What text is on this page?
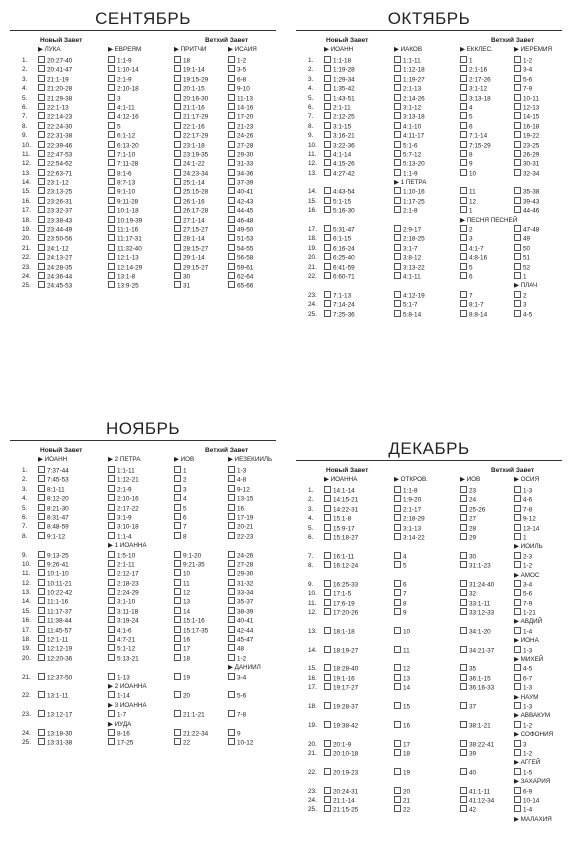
СЕНТЯБРЬ
Новый Завет	Ветхий Завет
▶ ЛУКА	▶ ЕВРЕЯМ	▶ ПРИТЧИ	▶ ИСАИЯ
1.	20:27-40	1:1-9	18	1-2
2.	20:41-47	1:10-14	19:1-14	3-5
3.	21:1-19	2:1-9	19:15-29	6-8
4.	21:20-28	2:10-18	20:1-15	9-10
5.	21:29-38	3	20:16-30	11-13
6.	22:1-13	4:1-11	21:1-16	14-16
7.	22:14-23	4:12-16	21:17-29	17-20
8.	22:24-30	5	22:1-16	21-23
9.	22:31-38	6:1-12	22:17-29	24-26
10.	22:39-46	6:13-20	23:1-18	27-28
11.	22:47-53	7:1-10	23:19-35	29-30
12.	22:54-62	7:11-28	24:1-22	31-33
13.	22:63-71	8:1-6	24:23-34	34-36
14.	23:1-12	8:7-13	25:1-14	37-39
15.	23:13-25	9:1-10	25:15-28	40-41
16.	23:26-31	9:11-28	26:1-16	42-43
17.	23:32-37	10:1-18	26:17-28	44-45
18.	23:38-43	10:19-39	27:1-14	46-48
19.	23:44-49	11:1-16	27:15-27	49-50
20.	23:50-56	11:17-31	28:1-14	51-53
21.	24:1-12	11:32-40	28:15-27	54-55
22.	24:13-27	12:1-13	29:1-14	56-58
23.	24:28-35	12:14-29	29:15-27	59-61
24.	24:36-44	13:1-8	30	62-64
25.	24:45-53	13:9-25	31	65-66
ОКТЯБРЬ
Новый Завет	Ветхий Завет
▶ ИОАНН	▶ ИАКОВ	▶ ЕККЛЕС.	▶ ИЕРЕМИЯ
1.	1:1-18	1:1-11	1	1-2
2.	1:19-28	1:12-18	2:1-16	3-4
3.	1:29-34	1:19-27	2:17-26	5-6
4.	1:35-42	2:1-13	3:1-12	7-9
5.	1:43-51	2:14-26	3:13-18	10-11
6.	2:1-11	3:1-12	4	12-13
7.	2:12-25	3:13-18	5	14-15
8.	3:1-15	4:1-10	6	16-18
9.	3:16-21	4:11-17	7:1-14	19-22
10.	3:22-36	5:1-6	7:15-29	23-25
11.	4:1-14	5:7-12	8	26-29
12.	4:15-26	5:13-20	9	30-31
13.	4:27-42	1:1-9	10	32-34
▶ 1 ПЕТРА
14.	4:43-54	1:10-16	11	35-38
15.	5:1-15	1:17-25	12	39-43
16.	5:16-30	2:1-8	1	44-46
▶ ПЕСНЯ ПЕСНЕЙ
17.	5:31-47	2:9-17	2	47-48
18.	6:1-15	2:18-25	3	49
19.	6:16-24	3:1-7	4:1-7	50
20.	6:25-40	3:8-12	4:8-16	51
21.	6:41-59	3:13-22	5	52
22.	6:60-71	4:1-11	6	1
▶ ПЛАЧ
23.	7:1-13	4:12-19	7	2
24.	7:14-24	5:1-7	8:1-7	3
25.	7:25-36	5:8-14	8:8-14	4-5
НОЯБРЬ
Новый Завет	Ветхий Завет
▶ ИОАНН	▶ 2 ПЕТРА	▶ ИОВ	▶ ИЕЗЕКИИЛЬ
1.	7:37-44	1:1-11	1	1-3
2.	7:45-53	1:12-21	2	4-8
3.	8:1-11	2:1-9	3	9-12
4.	8:12-20	2:10-16	4	13-15
5.	8:21-30	2:17-22	5	16
6.	8:31-47	3:1-9	6	17-19
7.	8:48-59	3:10-18	7	20-21
8.	9:1-12	1:1-4	8	22-23
▶ 1 ИОАННА
9.	9:13-25	1:5-10	9:1-20	24-26
10.	9:26-41	2:1-11	9:21-35	27-28
11.	10:1-10	2:12-17	10	29-30
12.	10:11-21	2:18-23	11	31-32
13.	10:22-42	2:24-29	12	33-34
14.	11:1-16	3:1-10	13	35-37
15.	11:17-37	3:11-18	14	38-39
16.	11:38-44	3:19-24	15:1-16	40-41
17.	11:45-57	4:1-6	15:17-35	42-44
18.	12:1-11	4:7-21	16	45-47
19.	12:12-19	5:1-12	17	48
20.	12:20-36	5:13-21	18	1-2
▶ ДАНИИЛ
21.	12:37-50	1-13	19	3-4
▶ 2 ИОАННА
22.	13:1-11	1-14	20	5-6
▶ 3 ИОАННА
23.	13:12-17	1-7	21:1-21	7-8
▶ ИУДА
24.	13:18-30	8-16	21:22-34	9
25.	13:31-38	17-25	22	10-12
ДЕКАБРЬ
Новый Завет	Ветхий Завет
▶ ИОАННА	▶ ОТКРОВ.	▶ ИОВ	▶ ОСИЯ
1.	14:1-14	1:1-8	23	1-3
2.	14:15-21	1:9-20	24	4-6
3.	14:22-31	2:1-17	25-26	7-8
4.	15:1-8	2:18-29	27	9-12
5.	15:9-17	3:1-13	28	13-14
6.	15:18-27	3:14-22	29	1
▶ ИОИЛЬ
7.	16:1-11	4	30	2-3
8.	16:12-24	5	31:1-23	1-2
▶ АМОС
9.	16:25-33	6	31:24-40	3-4
10.	17:1-5	7	32	5-6
11.	17:6-19	8	33:1-11	7-9
12.	17:20-26	9	33:12-33	1-21
▶ АВДИЙ
13.	18:1-18	10	34:1-20	1-4
▶ ИОНА
14.	18:19-27	11	34:21-37	1-3
▶ МИХЕЙ
15.	18:28-40	12	35	4-5
16.	19:1-16	13	36:1-15	6-7
17.	19:17-27	14	36:16-33	1-3
▶ НАУМ
18.	19:28-37	15	37	1-3
▶ АВВАКУМ
19.	19:38-42	16	38:1-21	1-2
▶ СОФОНИЯ
20.	20:1-9	17	38:22-41	3
21.	20:10-18	18	39	1-2
▶ АГГЕЙ
22.	20:19-23	19	40	1-5
▶ ЗАХАРИЯ
23.	20:24-31	20	41:1-11	6-9
24.	21:1-14	21	41:12-34	10-14
25.	21:15-25	22	42	1-4
▶ МАЛАХИЯ
